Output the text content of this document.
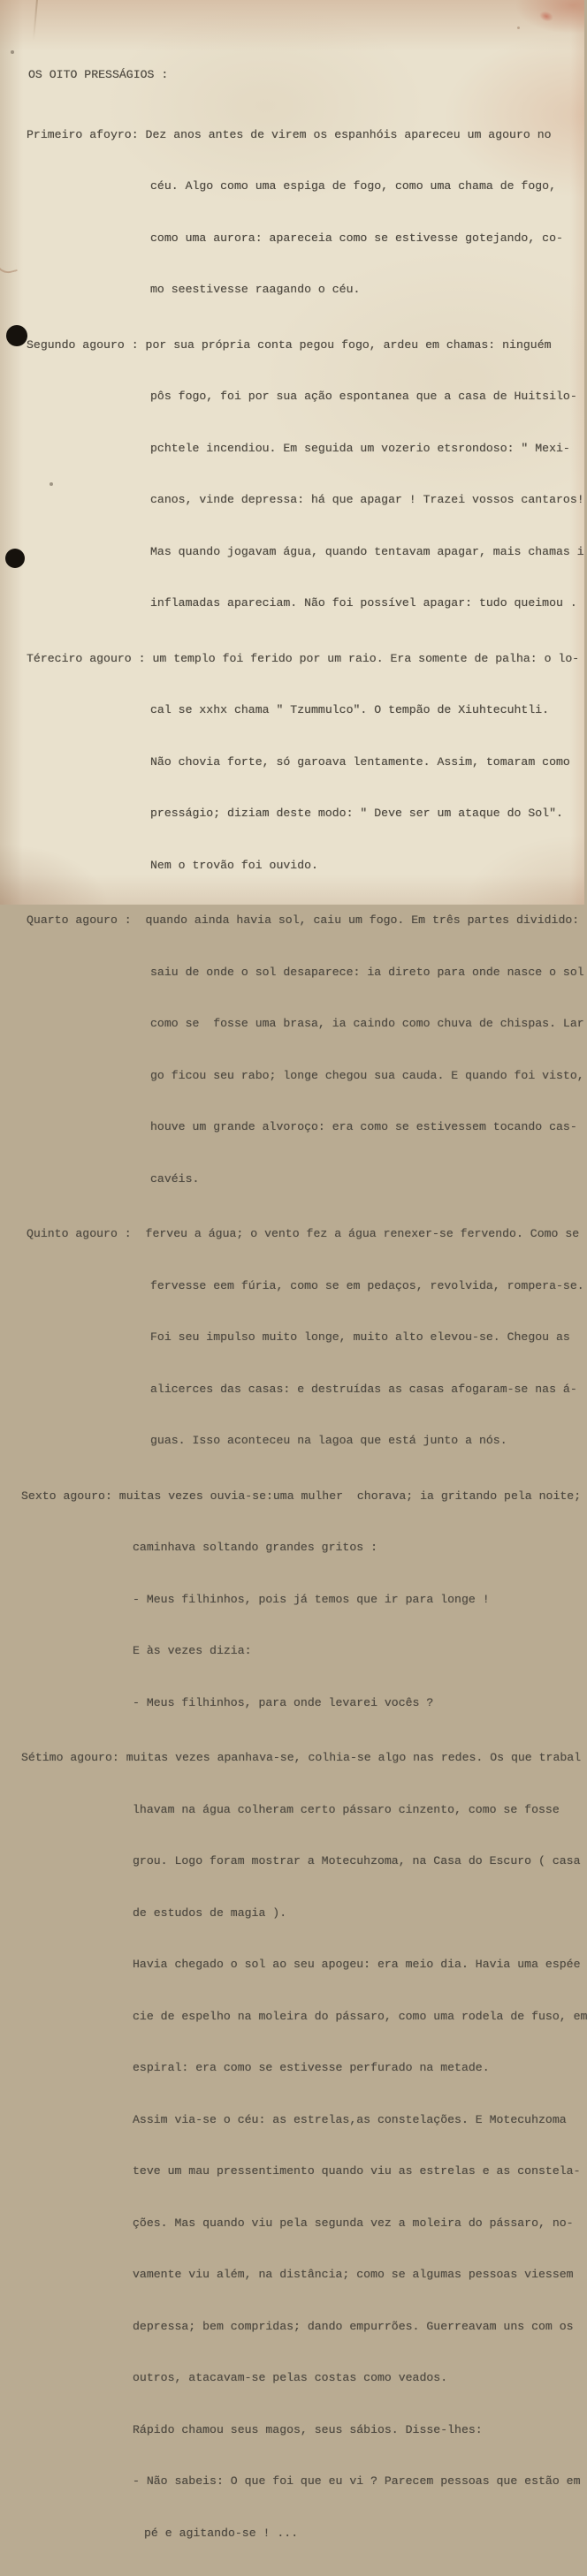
OS OITO PRESSÁGIOS :

Primeiro afoyro: Dez anos antes de virem os espanhóis apareceu um agouro no

céu. Algo como uma espiga de fogo, como uma chama de fogo,

como uma aurora: apareceia como se estivesse gotejando, co-

mo seestivesse raagando o céu.

Segundo agouro : por sua própria conta pegou fogo, ardeu em chamas: ninguém

pôs fogo, foi por sua ação espontanea que a casa de Huitsilo-

pchtele incendiou. Em seguida um vozerio etsrondoso: " Mexi-

canos, vinde depressa: há que apagar ! Trazei vossos cantaros!

Mas quando jogavam água, quando tentavam apagar, mais chamas i

inflamadas apareciam. Não foi possível apagar: tudo queimou .

Téreciro agouro : um templo foi ferido por um raio. Era somente de palha: o lo-

cal se xxhx chama " Tzummulco". O tempão de Xiuhtecuhtli.

Não chovia forte, só garoava lentamente. Assim, tomaram como

presságio; diziam deste modo: " Deve ser um ataque do Sol".

Nem o trovão foi ouvido.

Quarto agouro :  quando ainda havia sol, caiu um fogo. Em três partes dividido:

saiu de onde o sol desaparece: ia direto para onde nasce o sol

como se  fosse uma brasa, ia caindo como chuva de chispas. Lar

go ficou seu rabo; longe chegou sua cauda. E quando foi visto,

houve um grande alvoroço: era como se estivessem tocando cas-

cavéis.

Quinto agouro :  ferveu a água; o vento fez a água renexer-se fervendo. Como se

fervesse eem fúria, como se em pedaços, revolvida, rompera-se.

Foi seu impulso muito longe, muito alto elevou-se. Chegou as

alicerces das casas: e destruídas as casas afogaram-se nas á-

guas. Isso aconteceu na lagoa que está junto a nós.

Sexto agouro: muitas vezes ouvia-se:uma mulher  chorava; ia gritando pela noite;

caminhava soltando grandes gritos :

- Meus filhinhos, pois já temos que ir para longe !

E às vezes dizia:

- Meus filhinhos, para onde levarei vocês ?

Sétimo agouro: muitas vezes apanhava-se, colhia-se algo nas redes. Os que trabal

lhavam na água colheram certo pássaro cinzento, como se fosse

grou. Logo foram mostrar a Motecuhzoma, na Casa do Escuro ( casa

de estudos de magia ).

Havia chegado o sol ao seu apogeu: era meio dia. Havia uma espée

cie de espelho na moleira do pássaro, como uma rodela de fuso, em

espiral: era como se estivesse perfurado na metade.

Assim via-se o céu: as estrelas,as constelações. E Motecuhzoma

teve um mau pressentimento quando viu as estrelas e as constela-

ções. Mas quando viu pela segunda vez a moleira do pássaro, no-

vamente viu além, na distância; como se algumas pessoas viessem

depressa; bem compridas; dando empurrões. Guerreavam uns com os

outros, atacavam-se pelas costas como veados.

Rápido chamou seus magos, seus sábios. Disse-lhes:

- Não sabeis: O que foi que eu vi ? Parecem pessoas que estão em

pé e agitando-se ! ...
